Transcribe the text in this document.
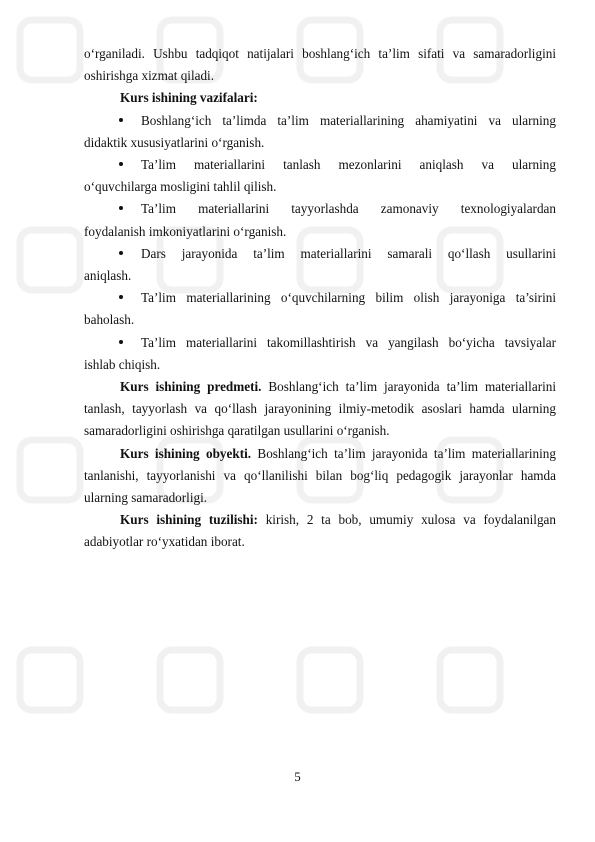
o‘rganiladi. Ushbu tadqiqot natijalari boshlang‘ich ta’lim sifati va samaradorligini oshirishga xizmat qiladi.

Kurs ishining vazifalari:

Boshlang‘ich ta’limda ta’lim materiallarining ahamiyatini va ularning

didaktik xususiyatlarini o‘rganish.

Ta’lim materiallarini tanlash mezonlarini aniqlash va ularning

o‘quvchilarga mosligini tahlil qilish.

Ta’lim materiallarini tayyorlashda zamonaviy texnologiyalardan

foydalanish imkoniyatlarini o‘rganish.

Dars jarayonida ta’lim materiallarini samarali qo‘llash usullarini

aniqlash.

Ta’lim materiallarining o‘quvchilarning bilim olish jarayoniga ta’sirini

baholash.

Ta’lim materiallarini takomillashtirish va yangilash bo‘yicha tavsiyalar

ishlab chiqish.

Kurs ishining predmeti. Boshlang‘ich ta’lim jarayonida ta’lim materiallarini tanlash, tayyorlash va qo‘llash jarayonining ilmiy-metodik asoslari hamda ularning samaradorligini oshirishga qaratilgan usullarini o‘rganish.

Kurs ishining obyekti. Boshlang‘ich ta’lim jarayonida ta’lim materiallarining tanlanishi, tayyorlanishi va qo‘llanilishi bilan bog‘liq pedagogik jarayonlar hamda ularning samaradorligi.

Kurs ishining tuzilishi: kirish, 2 ta bob, umumiy xulosa va foydalanilgan adabiyotlar ro‘yxatidan iborat.

5
